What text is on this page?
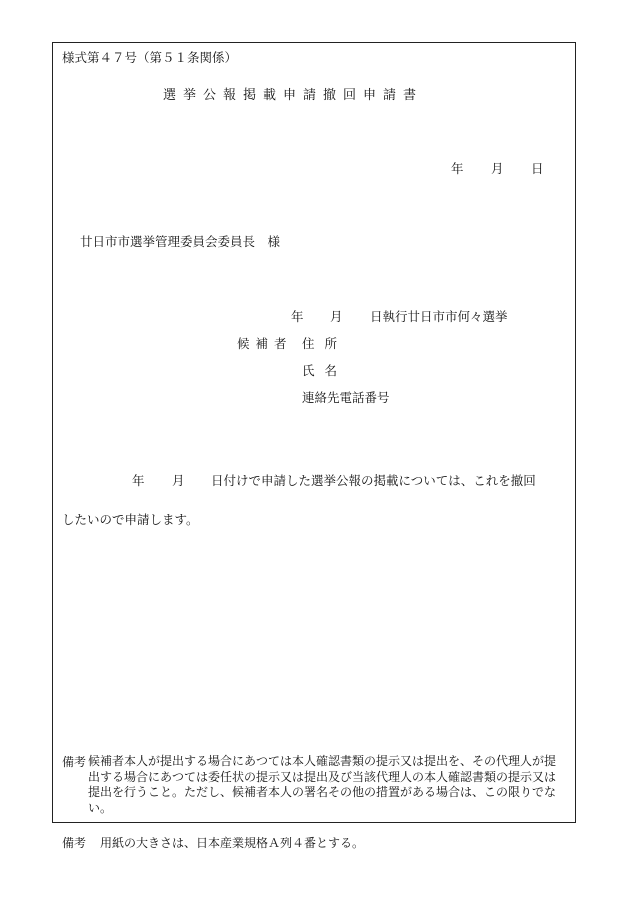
様式第４７号（第５１条関係）
選挙公報掲載申請撤回申請書
年 月 日
廿日市市選挙管理委員会委員長　様
年 月 日執行廿日市市何々選挙
候補者 住所
氏名
連絡先電話番号
年 月 日付けで申請した選挙公報の掲載については、これを撤回
したいので申請します。
備考 候補者本人が提出する場合にあつては本人確認書類の提示又は提出を、その代理人が提出する場合にあつては委任状の提示又は提出及び当該代理人の本人確認書類の提示又は提出を行うこと。ただし、候補者本人の署名その他の措置がある場合は、この限りでない。
備考 用紙の大きさは、日本産業規格Ａ列４番とする。
